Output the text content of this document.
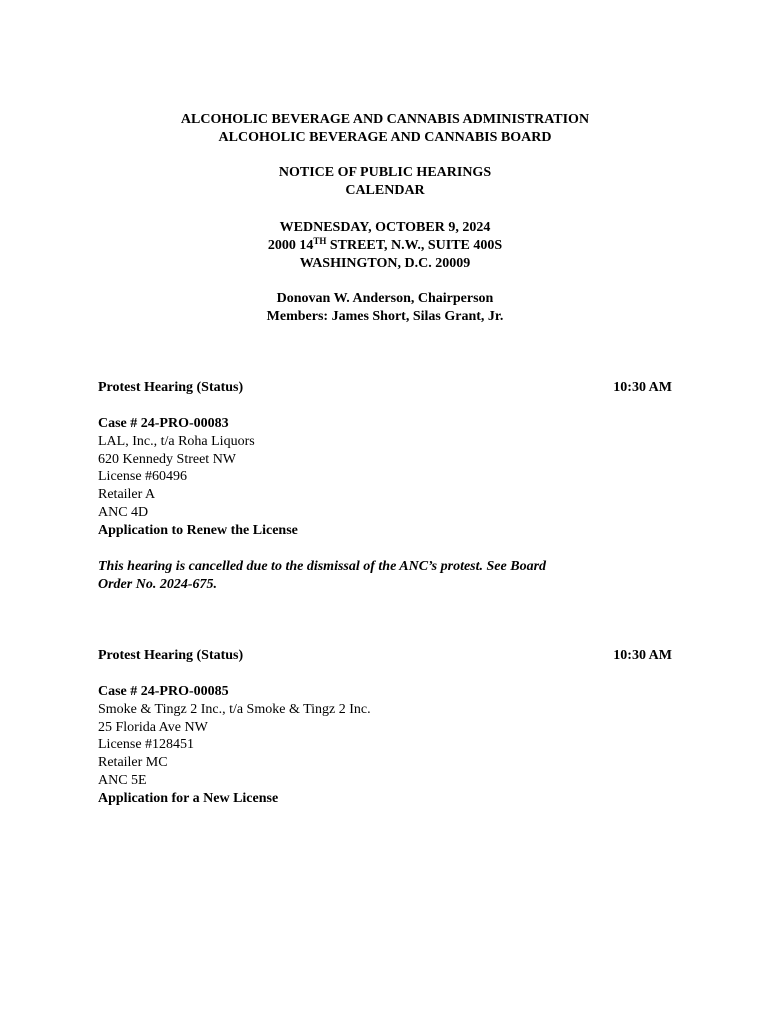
ALCOHOLIC BEVERAGE AND CANNABIS ADMINISTRATION
ALCOHOLIC BEVERAGE AND CANNABIS BOARD
NOTICE OF PUBLIC HEARINGS
CALENDAR
WEDNESDAY, OCTOBER 9, 2024
2000 14TH STREET, N.W., SUITE 400S
WASHINGTON, D.C. 20009
Donovan W. Anderson, Chairperson
Members: James Short, Silas Grant, Jr.
Protest Hearing (Status)	10:30 AM
Case # 24-PRO-00083
LAL, Inc., t/a Roha Liquors
620 Kennedy Street NW
License #60496
Retailer A
ANC 4D
Application to Renew the License
This hearing is cancelled due to the dismissal of the ANC’s protest. See Board Order No. 2024-675.
Protest Hearing (Status)	10:30 AM
Case # 24-PRO-00085
Smoke & Tingz 2 Inc., t/a Smoke & Tingz 2 Inc.
25 Florida Ave NW
License #128451
Retailer MC
ANC 5E
Application for a New License
